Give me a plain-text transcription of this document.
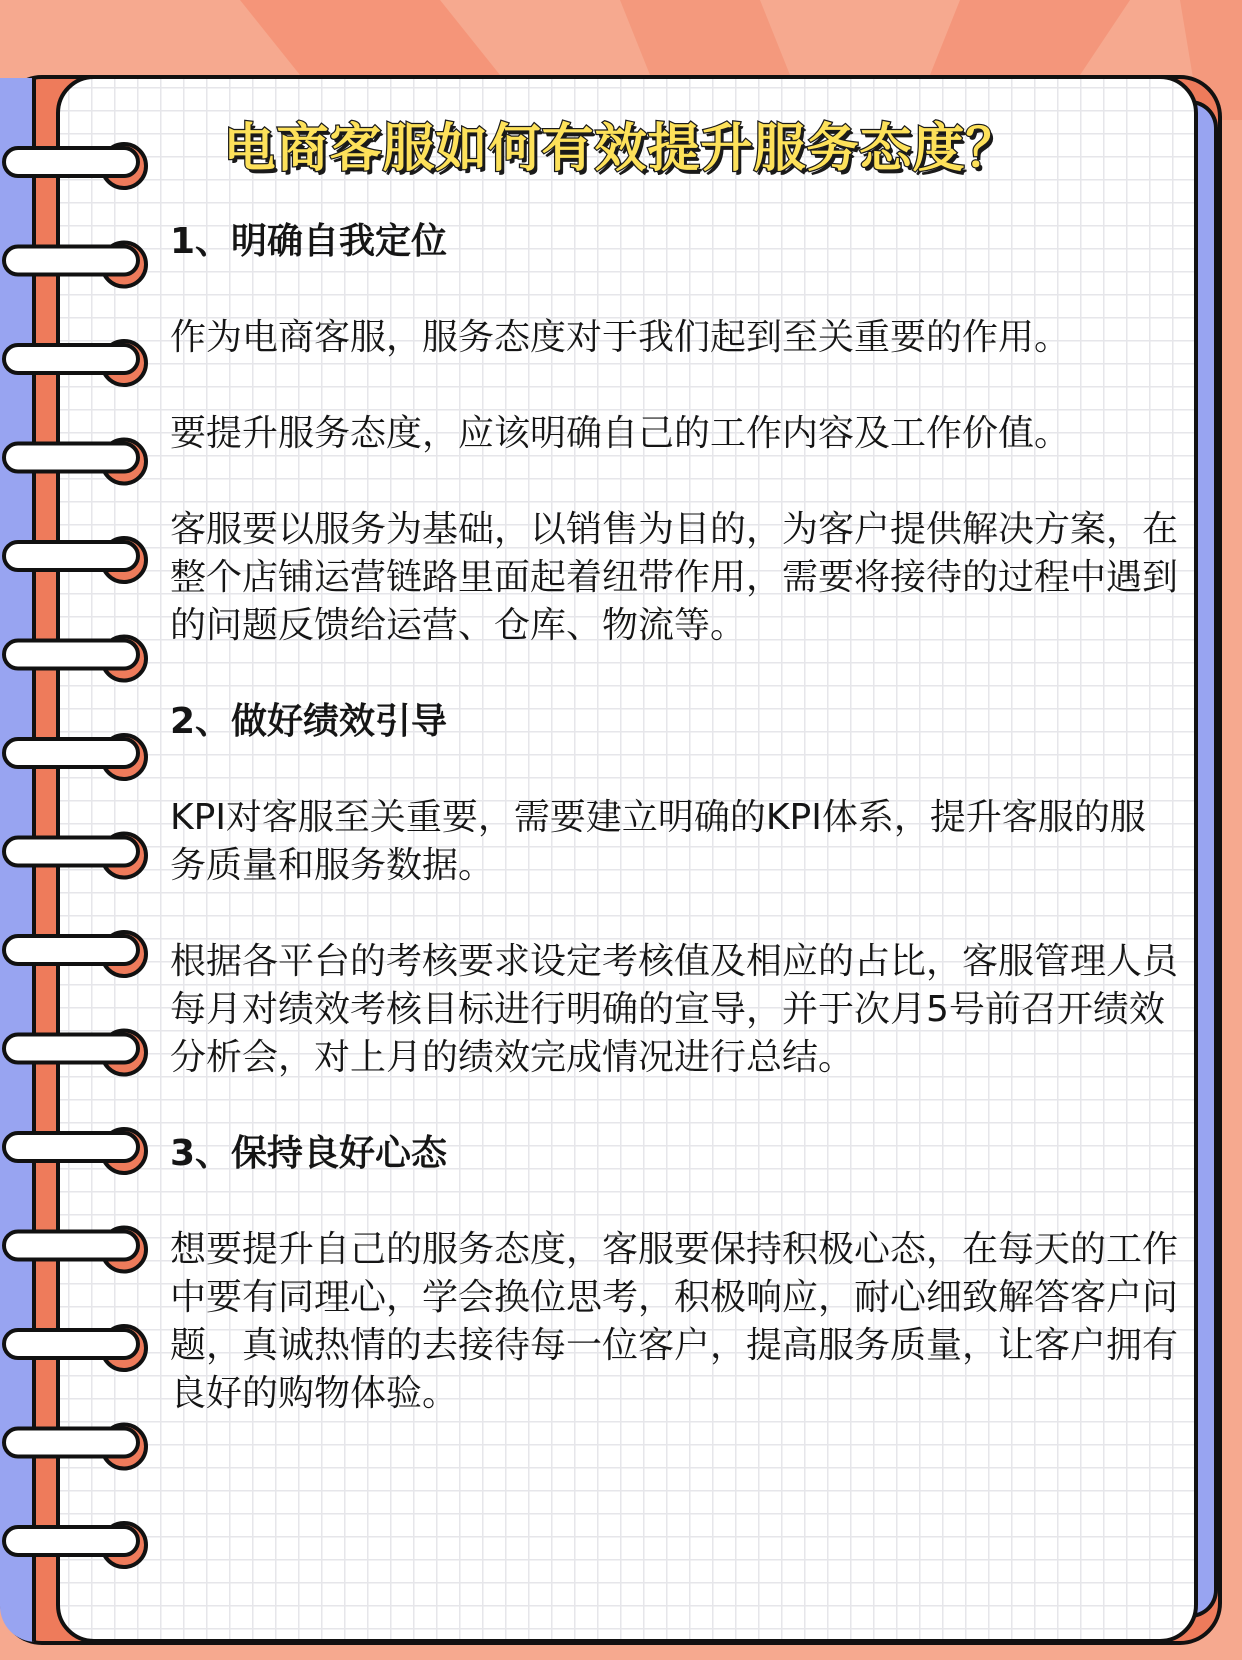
电商客服如何有效提升服务态度？

1、明确自我定位

作为电商客服，服务态度对于我们起到至关重要的作用。

要提升服务态度，应该明确自己的工作内容及工作价值。

客服要以服务为基础，以销售为目的，为客户提供解决方案，在整个店铺运营链路里面起着纽带作用，需要将接待的过程中遇到的问题反馈给运营、仓库、物流等。

2、做好绩效引导

KPI对客服至关重要，需要建立明确的KPI体系，提升客服的服务质量和服务数据。

根据各平台的考核要求设定考核值及相应的占比，客服管理人员每月对绩效考核目标进行明确的宣导，并于次月5号前召开绩效分析会，对上月的绩效完成情况进行总结。

3、保持良好心态

想要提升自己的服务态度，客服要保持积极心态，在每天的工作中要有同理心，学会换位思考，积极响应，耐心细致解答客户问题，真诚热情的去接待每一位客户，提高服务质量，让客户拥有良好的购物体验。
